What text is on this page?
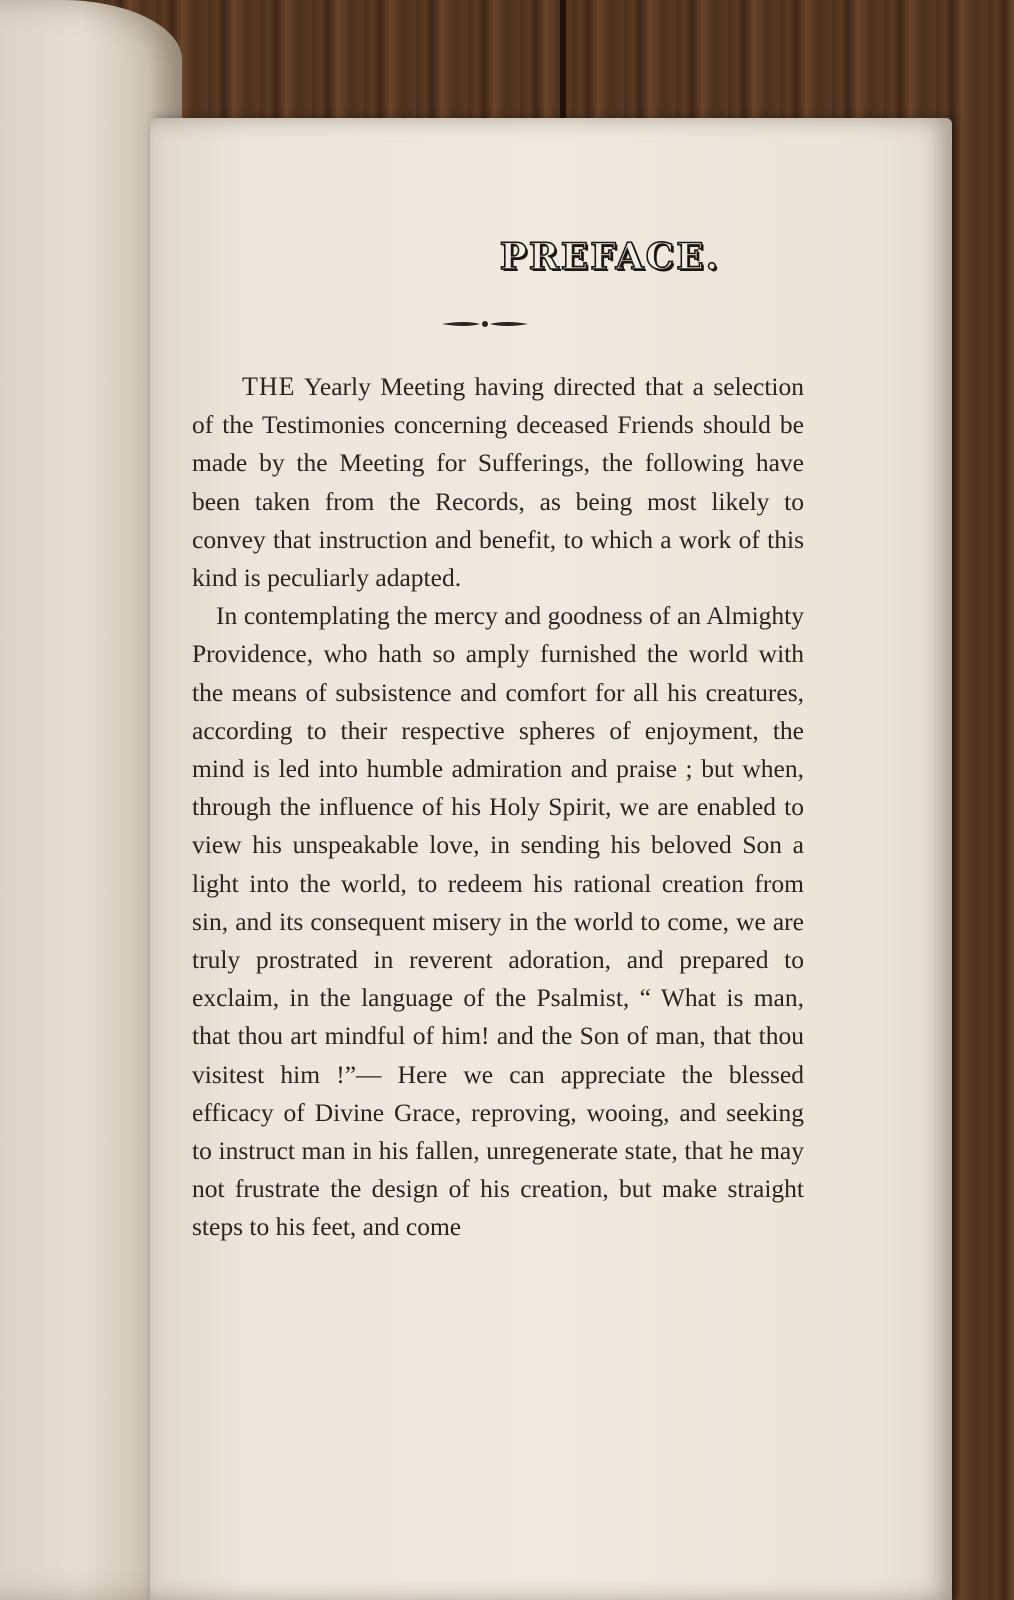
PREFACE.

THE Yearly Meeting having directed that a selection of the Testimonies concerning deceased Friends should be made by the Meeting for Sufferings, the following have been taken from the Records, as being most likely to convey that instruction and benefit, to which a work of this kind is peculiarly adapted.

In contemplating the mercy and goodness of an Almighty Providence, who hath so amply furnished the world with the means of subsistence and comfort for all his creatures, according to their respective spheres of enjoyment, the mind is led into humble admiration and praise ; but when, through the influence of his Holy Spirit, we are enabled to view his unspeakable love, in sending his beloved Son a light into the world, to redeem his rational creation from sin, and its consequent misery in the world to come, we are truly prostrated in reverent adoration, and prepared to exclaim, in the language of the Psalmist, “ What is man, that thou art mindful of him! and the Son of man, that thou visitest him !”— Here we can appreciate the blessed efficacy of Divine Grace, reproving, wooing, and seeking to instruct man in his fallen, unregenerate state, that he may not frustrate the design of his creation, but make straight steps to his feet, and come
